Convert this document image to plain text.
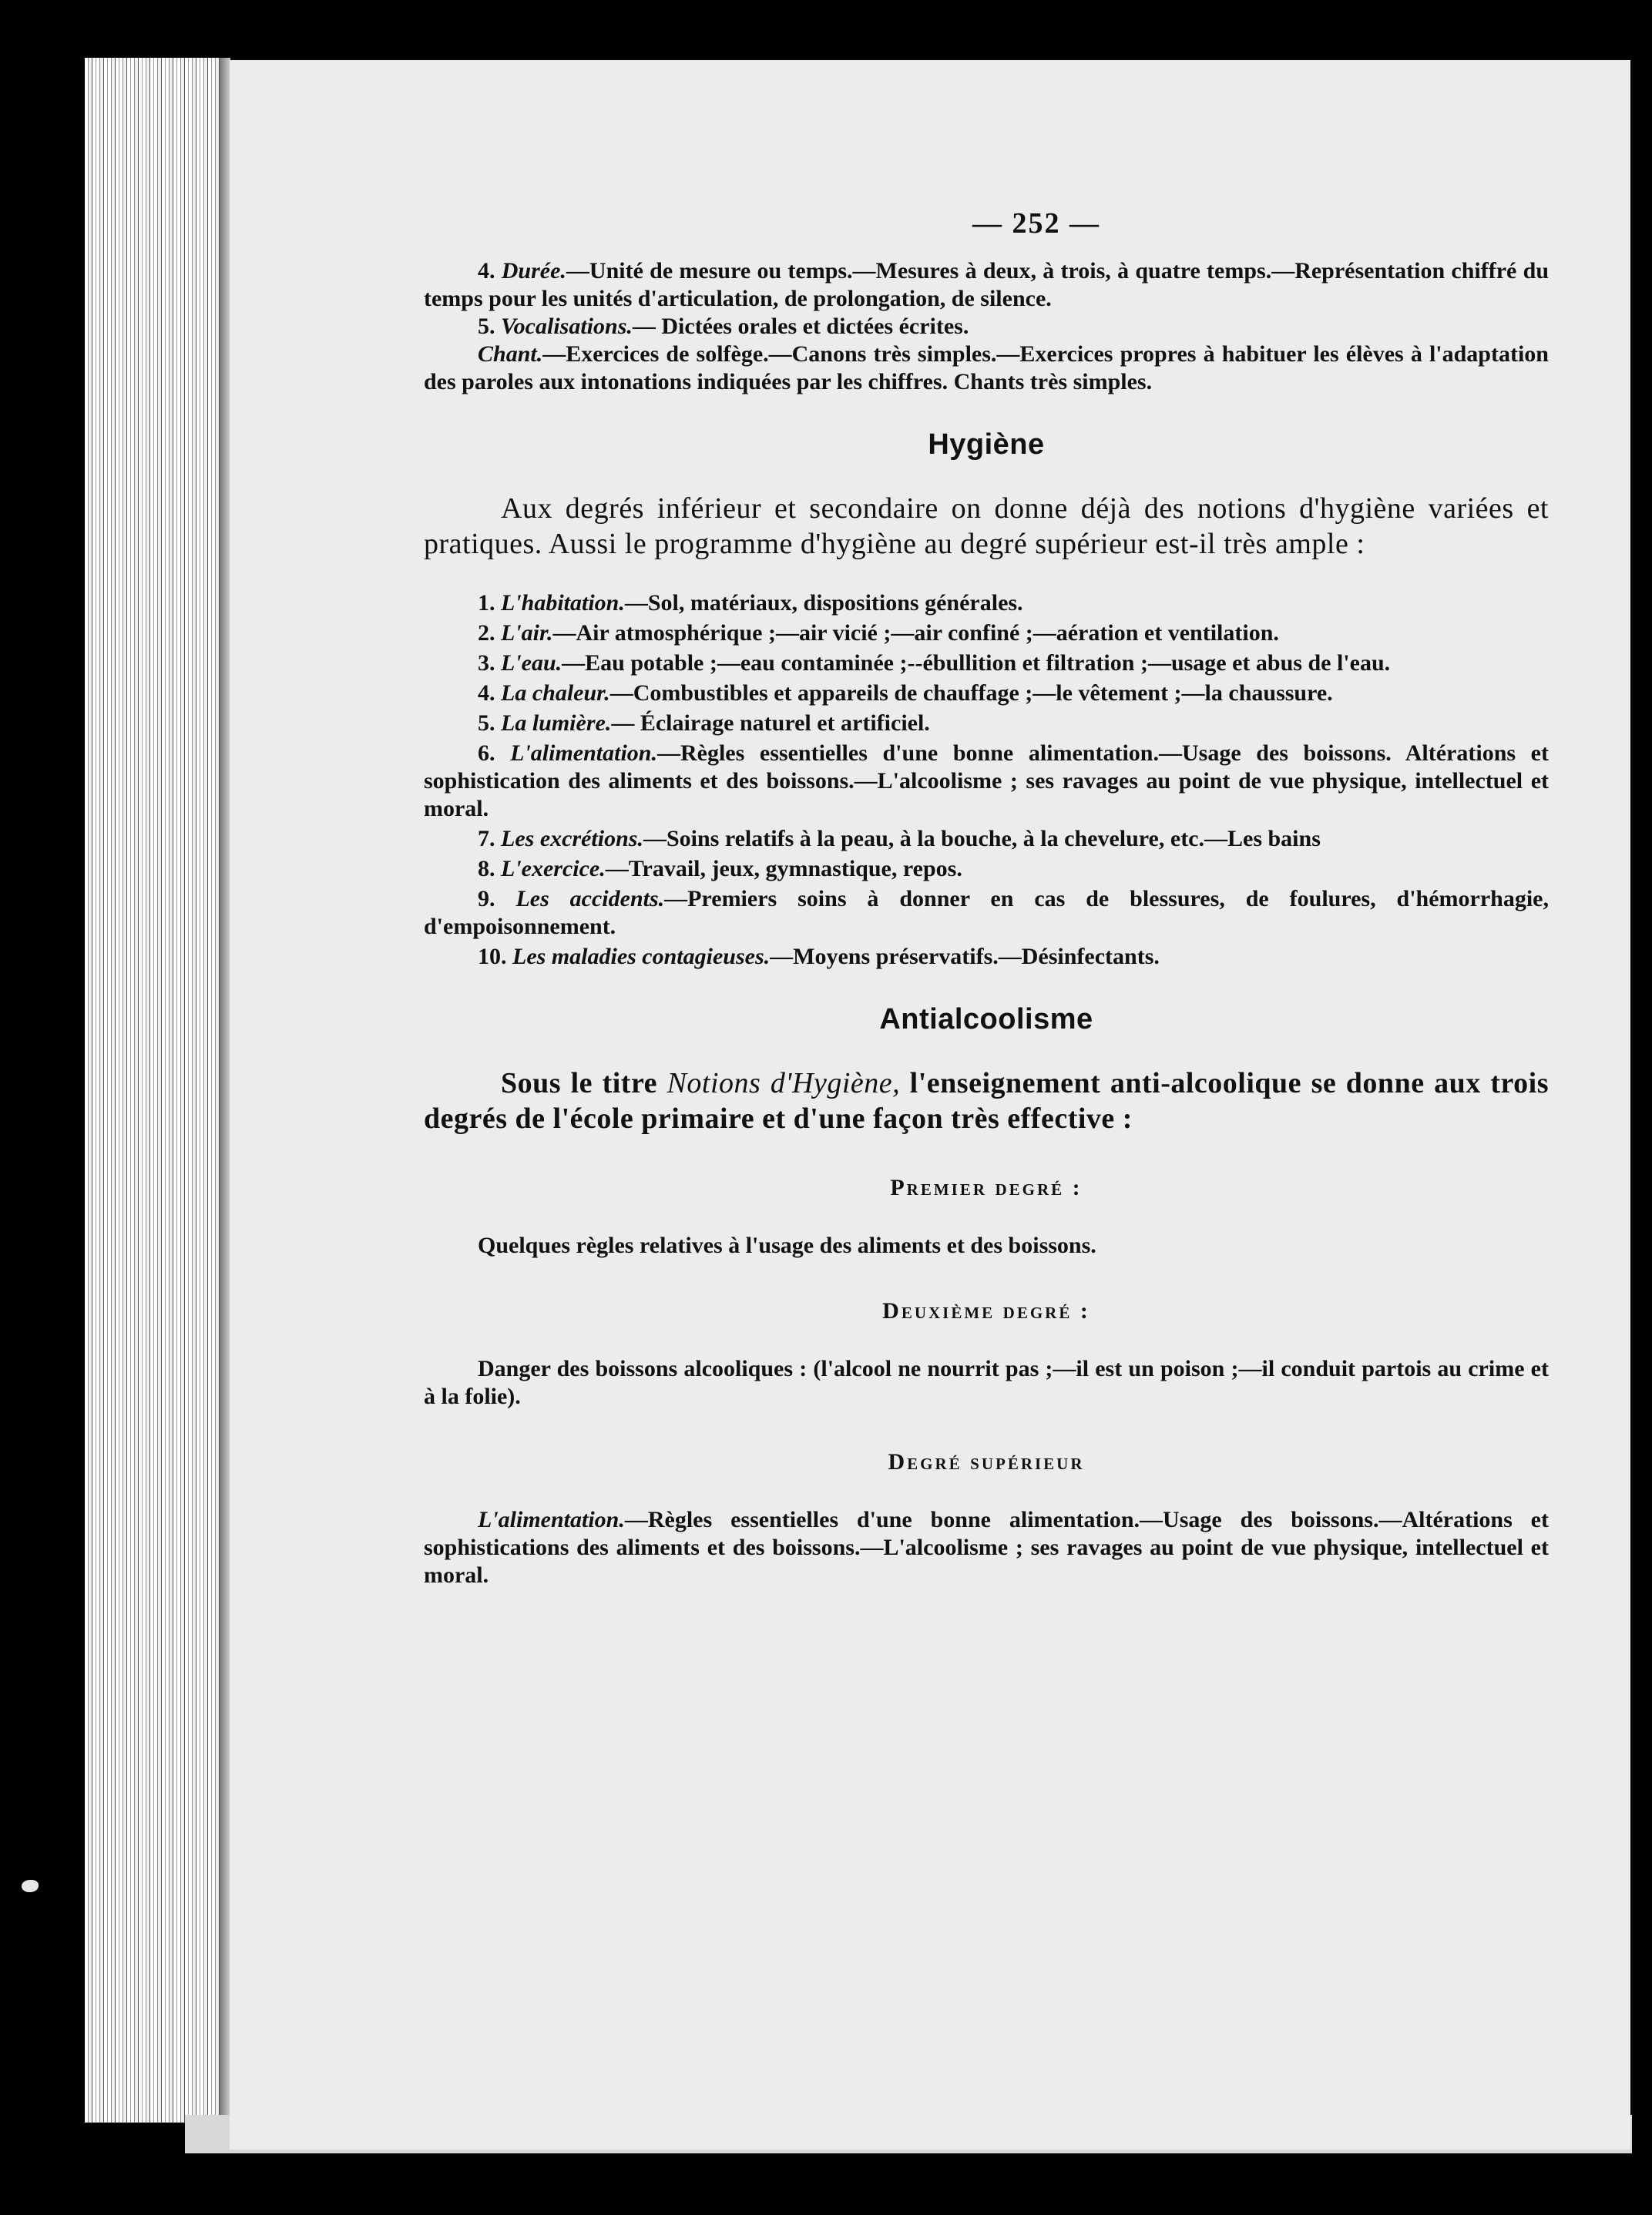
— 252 —

4. Durée.—Unité de mesure ou temps.—Mesures à deux, à trois, à quatre temps.—Représentation chiffré du temps pour les unités d'articulation, de prolongation, de silence.

5. Vocalisations.— Dictées orales et dictées écrites.

Chant.—Exercices de solfège.—Canons très simples.—Exercices propres à habituer les élèves à l'adaptation des paroles aux intonations indiquées par les chiffres. Chants très simples.

Hygiène

Aux degrés inférieur et secondaire on donne déjà des notions d'hygiène variées et pratiques. Aussi le programme d'hygiène au degré supérieur est-il très ample :

1. L'habitation.—Sol, matériaux, dispositions générales.

2. L'air.—Air atmosphérique ;—air vicié ;—air confiné ;—aération et ventilation.

3. L'eau.—Eau potable ;—eau contaminée ;--ébullition et filtration ;—usage et abus de l'eau.

4. La chaleur.—Combustibles et appareils de chauffage ;—le vêtement ;—la chaussure.

5. La lumière.— Éclairage naturel et artificiel.

6. L'alimentation.—Règles essentielles d'une bonne alimentation.—Usage des boissons. Altérations et sophistication des aliments et des boissons.—L'alcoolisme ; ses ravages au point de vue physique, intellectuel et moral.

7. Les excrétions.—Soins relatifs à la peau, à la bouche, à la chevelure, etc.—Les bains

8. L'exercice.—Travail, jeux, gymnastique, repos.

9. Les accidents.—Premiers soins à donner en cas de blessures, de foulures, d'hémorrhagie, d'empoisonnement.

10. Les maladies contagieuses.—Moyens préservatifs.—Désinfectants.

Antialcoolisme

Sous le titre Notions d'Hygiène, l'enseignement anti-alcoolique se donne aux trois degrés de l'école primaire et d'une façon très effective :

Premier degré :

Quelques règles relatives à l'usage des aliments et des boissons.

Deuxième degré :

Danger des boissons alcooliques : (l'alcool ne nourrit pas ;—il est un poison ;—il conduit partois au crime et à la folie).

Degré supérieur

L'alimentation.—Règles essentielles d'une bonne alimentation.—Usage des boissons.—Altérations et sophistications des aliments et des boissons.—L'alcoolisme ; ses ravages au point de vue physique, intellectuel et moral.
